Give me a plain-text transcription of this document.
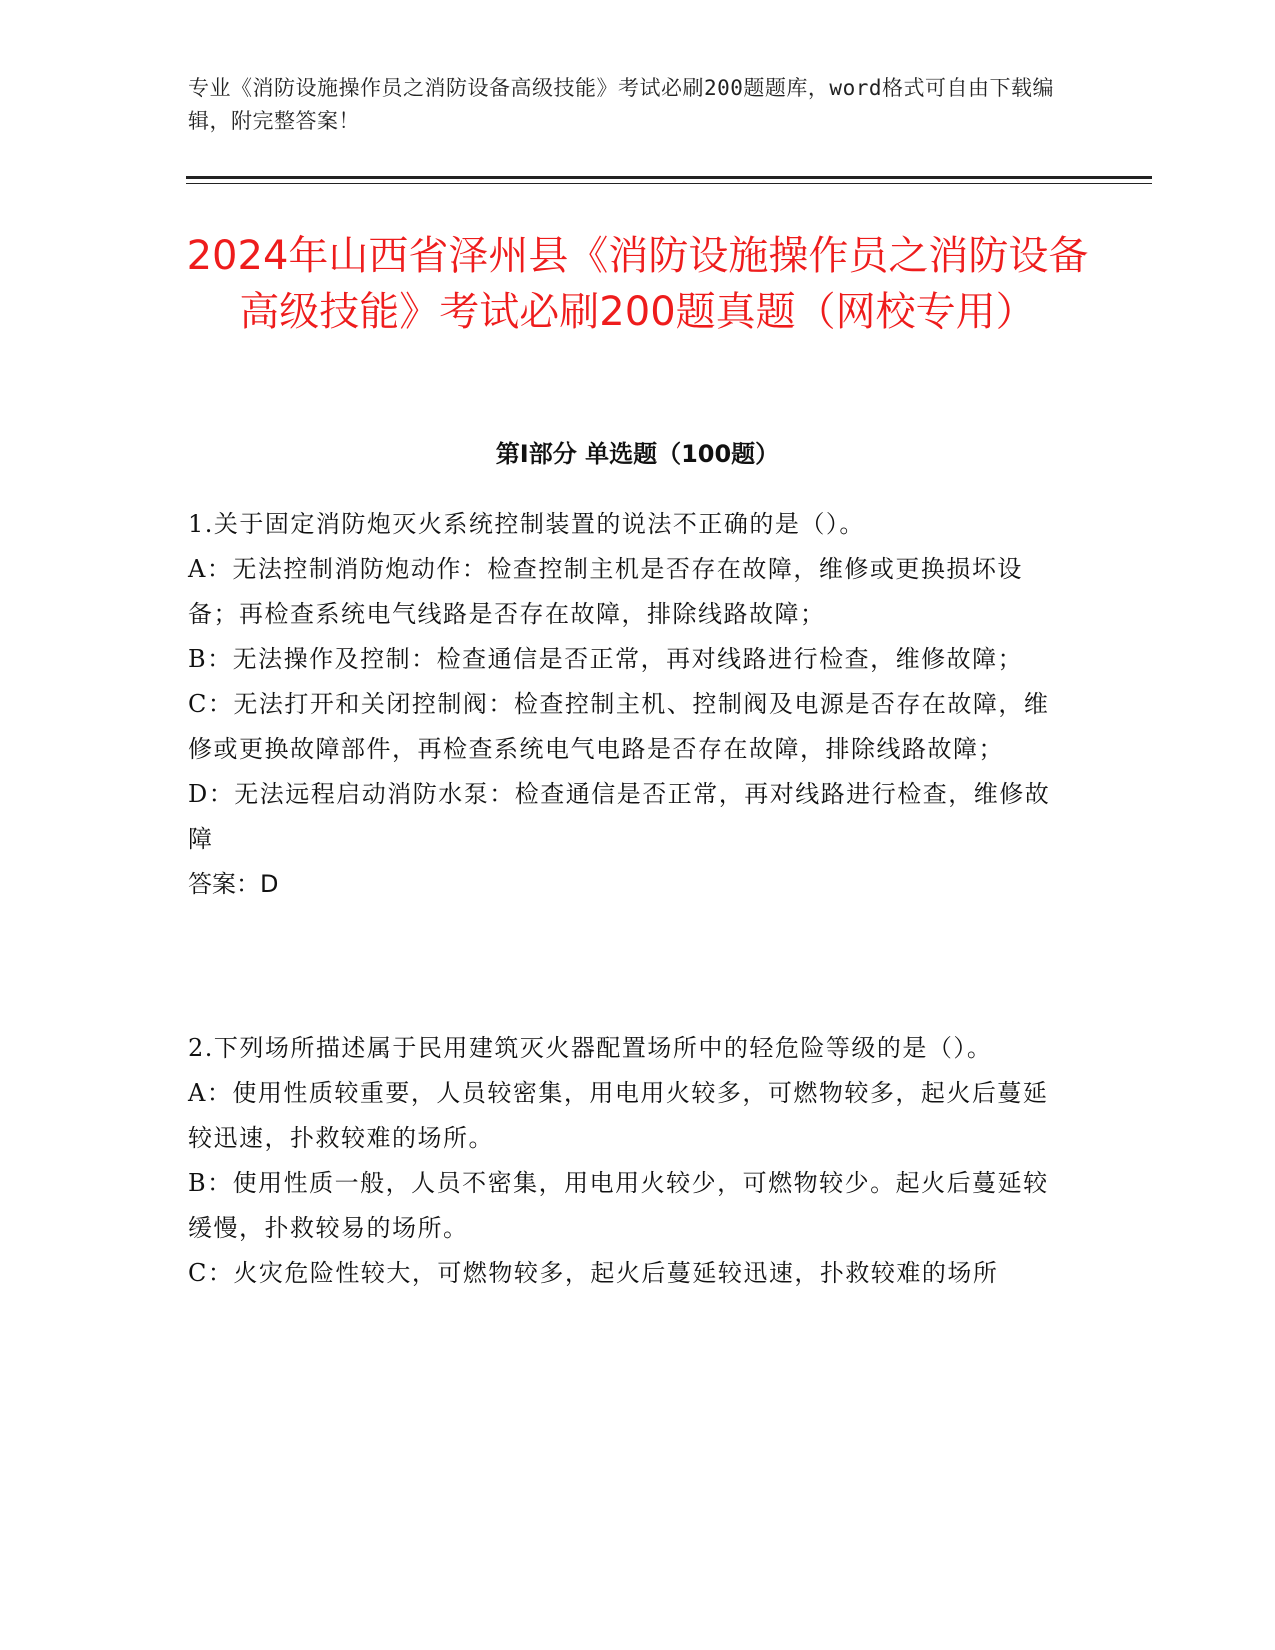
专业《消防设施操作员之消防设备高级技能》考试必刷200题题库，word格式可自由下载编辑，附完整答案！
2024年山西省泽州县《消防设施操作员之消防设备高级技能》考试必刷200题真题（网校专用）
第I部分 单选题（100题）

1.关于固定消防炮灭火系统控制装置的说法不正确的是（）。

A：无法控制消防炮动作：检查控制主机是否存在故障，维修或更换损坏设备；再检查系统电气线路是否存在故障，排除线路故障；

B：无法操作及控制：检查通信是否正常，再对线路进行检查，维修故障；

C：无法打开和关闭控制阀：检查控制主机、控制阀及电源是否存在故障，维修或更换故障部件，再检查系统电气电路是否存在故障，排除线路故障；

D：无法远程启动消防水泵：检查通信是否正常，再对线路进行检查，维修故障

答案：D

2.下列场所描述属于民用建筑灭火器配置场所中的轻危险等级的是（）。

A：使用性质较重要，人员较密集，用电用火较多，可燃物较多，起火后蔓延较迅速，扑救较难的场所。

B：使用性质一般，人员不密集，用电用火较少，可燃物较少。起火后蔓延较缓慢，扑救较易的场所。

C：火灾危险性较大，可燃物较多，起火后蔓延较迅速，扑救较难的场所
